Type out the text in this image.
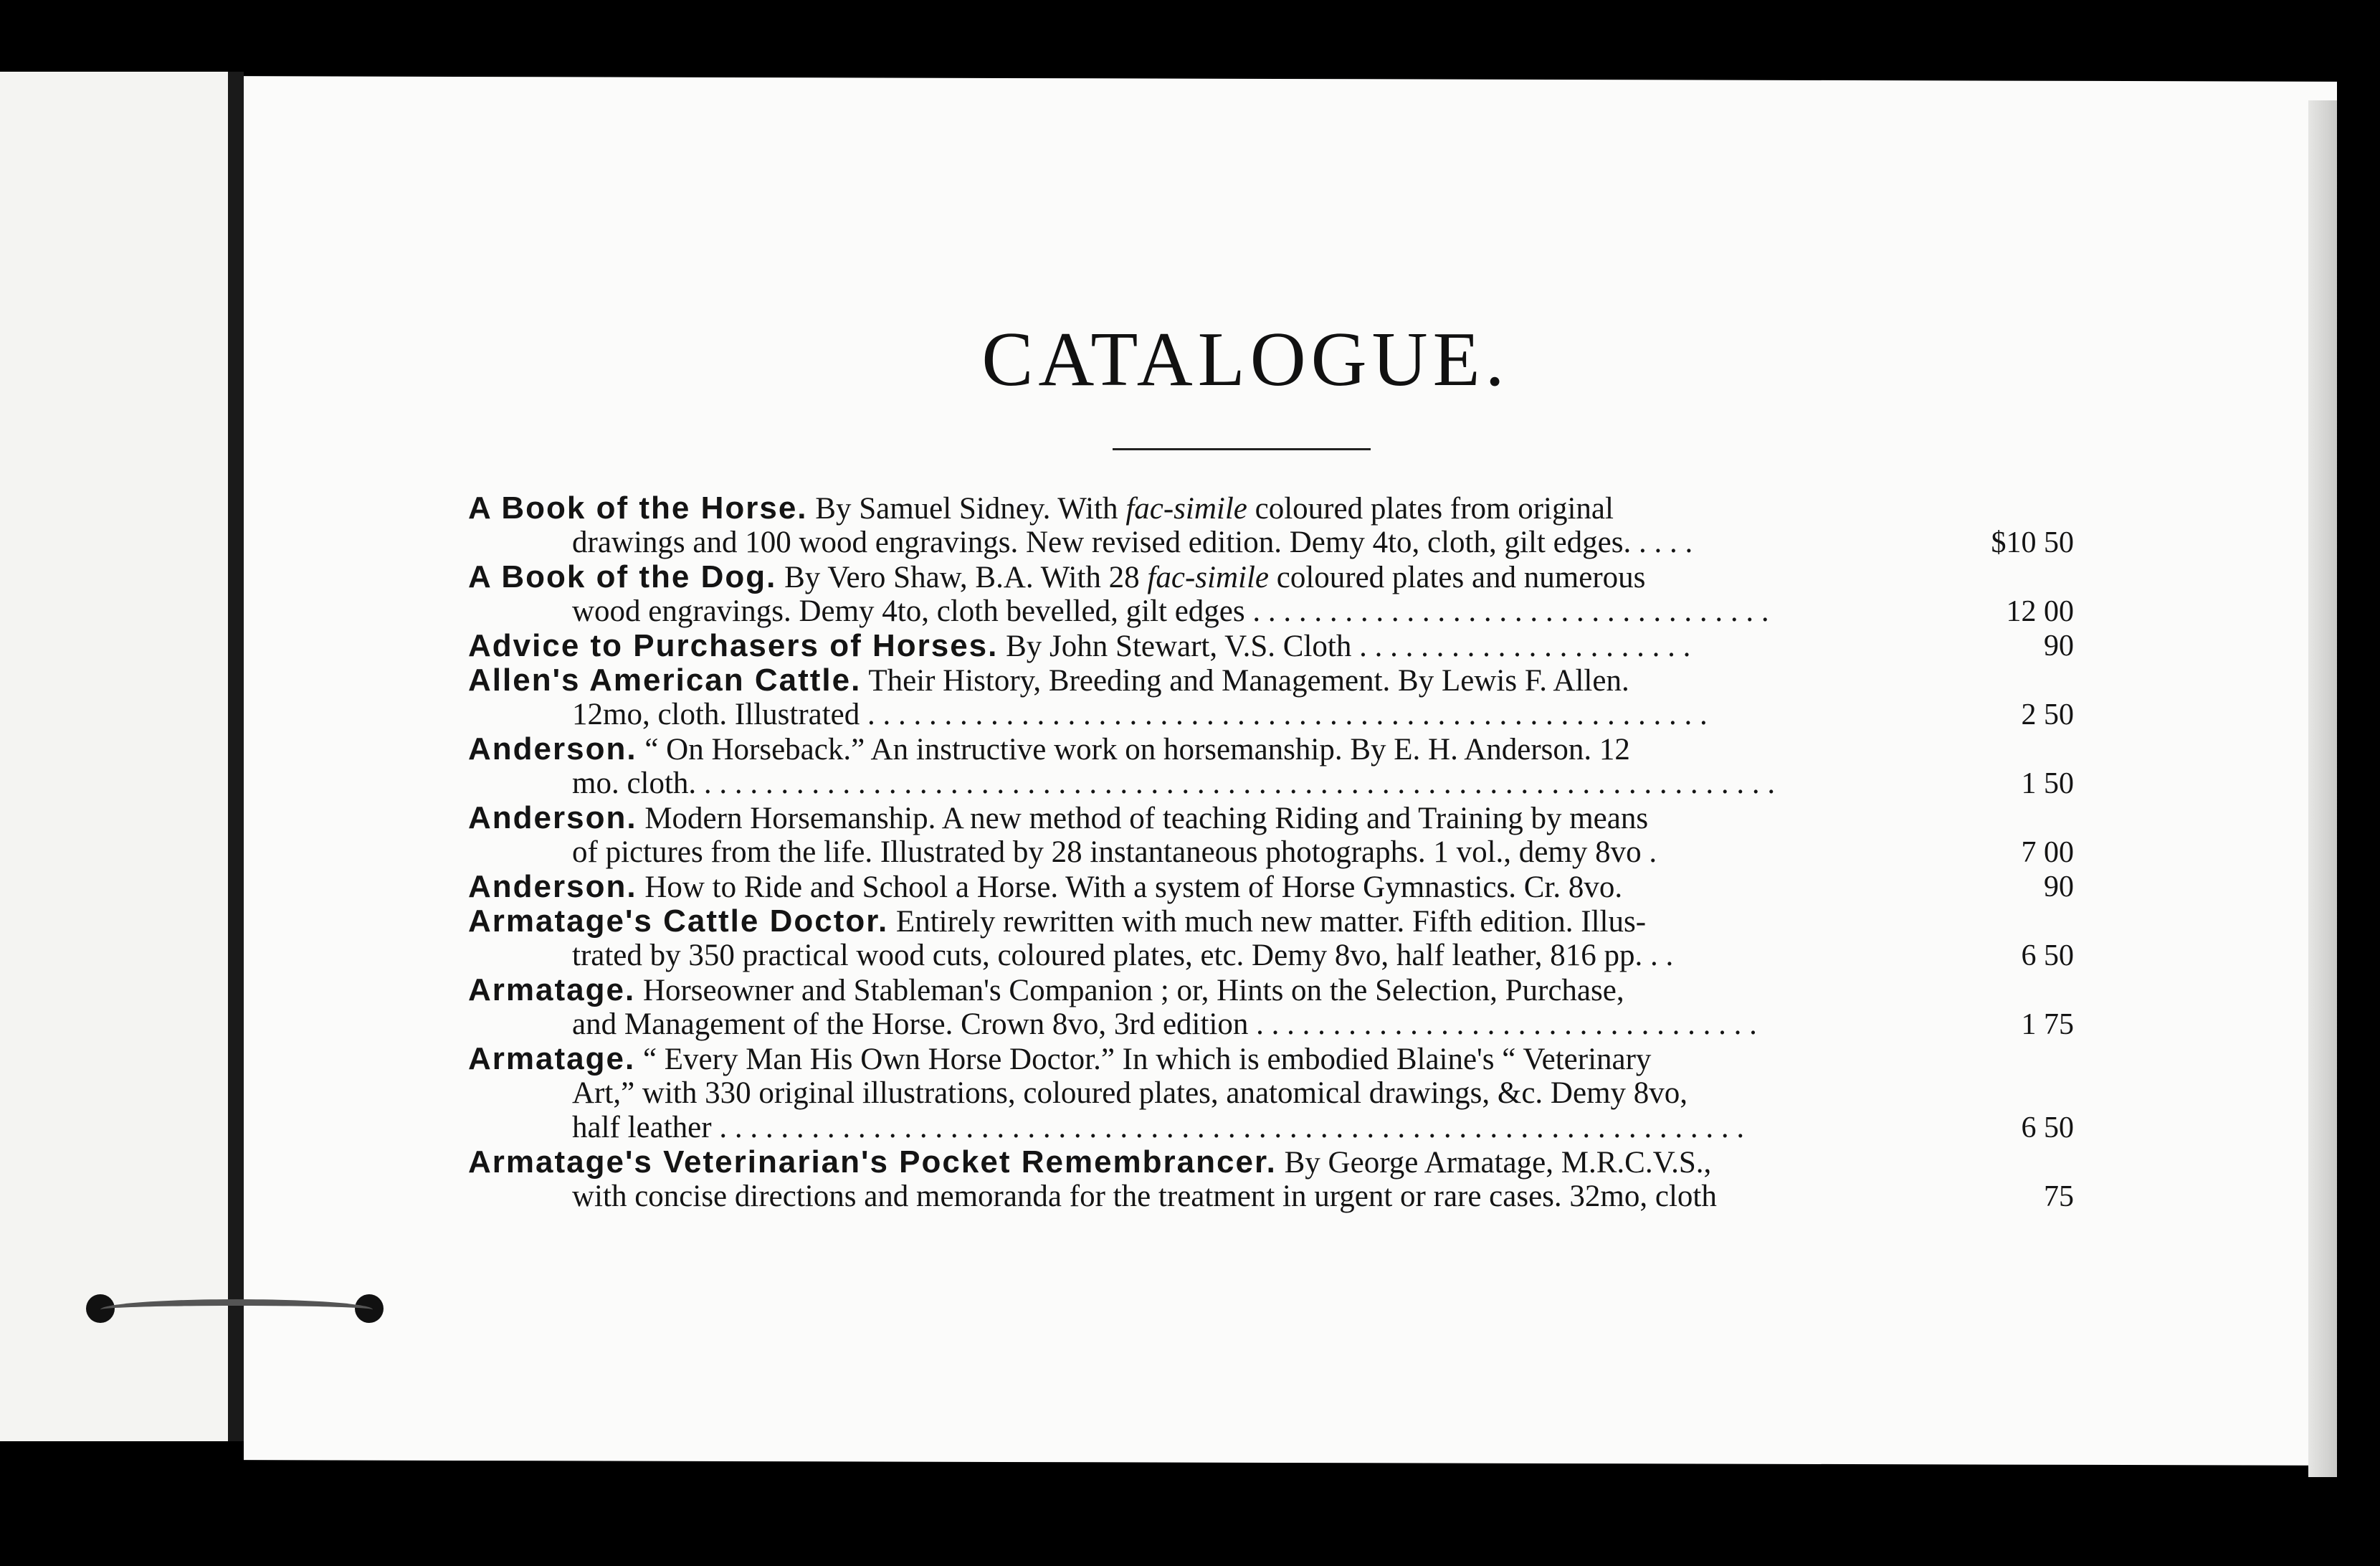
CATALOGUE.
A Book of the Horse. By Samuel Sidney. With fac-simile coloured plates from original
drawings and 100 wood engravings. New revised edition. Demy 4to, cloth, gilt edges. . . . .	$10 50
A Book of the Dog. By Vero Shaw, B.A. With 28 fac-simile coloured plates and numerous
wood engravings. Demy 4to, cloth bevelled, gilt edges . . . . . . . . . . . . . . . . . . . . . . . . . . . . . . . . . .	12 00
Advice to Purchasers of Horses. By John Stewart, V.S. Cloth . . . . . . . . . . . . . . . . . . . . . .	90
Allen's American Cattle. Their History, Breeding and Management. By Lewis F. Allen.
12mo, cloth. Illustrated . . . . . . . . . . . . . . . . . . . . . . . . . . . . . . . . . . . . . . . . . . . . . . . . . . . . . . .	2 50
Anderson. “ On Horseback.” An instructive work on horsemanship. By E. H. Anderson. 12
mo. cloth. . . . . . . . . . . . . . . . . . . . . . . . . . . . . . . . . . . . . . . . . . . . . . . . . . . . . . . . . . . . . . . . . . . . . . .	1 50
Anderson. Modern Horsemanship. A new method of teaching Riding and Training by means
of pictures from the life. Illustrated by 28 instantaneous photographs. 1 vol., demy 8vo .	7 00
Anderson. How to Ride and School a Horse. With a system of Horse Gymnastics. Cr. 8vo.	90
Armatage's Cattle Doctor. Entirely rewritten with much new matter. Fifth edition. Illus-
trated by 350 practical wood cuts, coloured plates, etc. Demy 8vo, half leather, 816 pp. . .	6 50
Armatage. Horseowner and Stableman's Companion ; or, Hints on the Selection, Purchase,
and Management of the Horse. Crown 8vo, 3rd edition . . . . . . . . . . . . . . . . . . . . . . . . . . . . . . . . .	1 75
Armatage. “ Every Man His Own Horse Doctor.” In which is embodied Blaine's “ Veterinary
Art,” with 330 original illustrations, coloured plates, anatomical drawings, &c. Demy 8vo,
half leather . . . . . . . . . . . . . . . . . . . . . . . . . . . . . . . . . . . . . . . . . . . . . . . . . . . . . . . . . . . . . . . . . . .	6 50
Armatage's Veterinarian's Pocket Remembrancer. By George Armatage, M.R.C.V.S.,
with concise directions and memoranda for the treatment in urgent or rare cases. 32mo, cloth	75
